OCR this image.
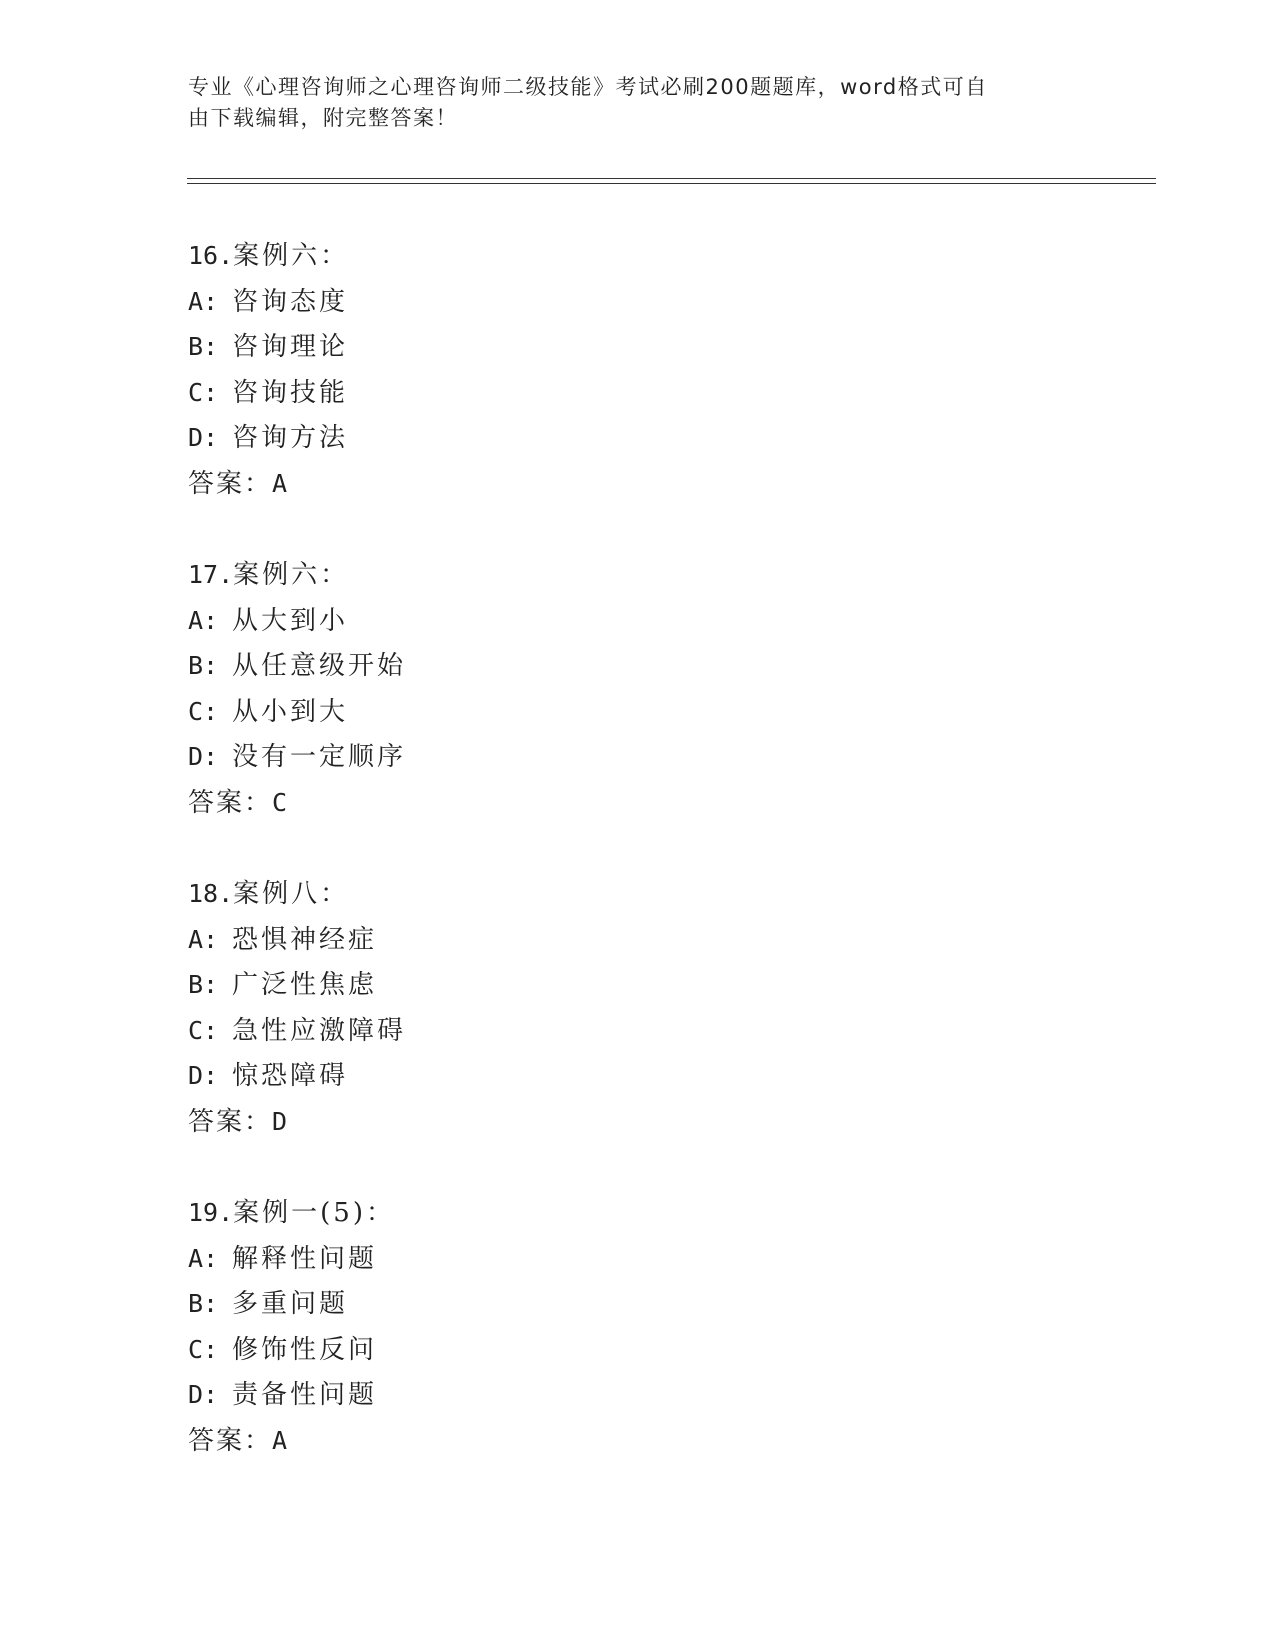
专业《心理咨询师之心理咨询师二级技能》考试必刷200题题库，word格式可自
由下载编辑，附完整答案！
16.案例六：
A: 咨询态度
B: 咨询理论
C: 咨询技能
D: 咨询方法
答案：A
17.案例六：
A: 从大到小
B: 从任意级开始
C: 从小到大
D: 没有一定顺序
答案：C
18.案例八：
A: 恐惧神经症
B: 广泛性焦虑
C: 急性应激障碍
D: 惊恐障碍
答案：D
19.案例一(5)：
A: 解释性问题
B: 多重问题
C: 修饰性反问
D: 责备性问题
答案：A
